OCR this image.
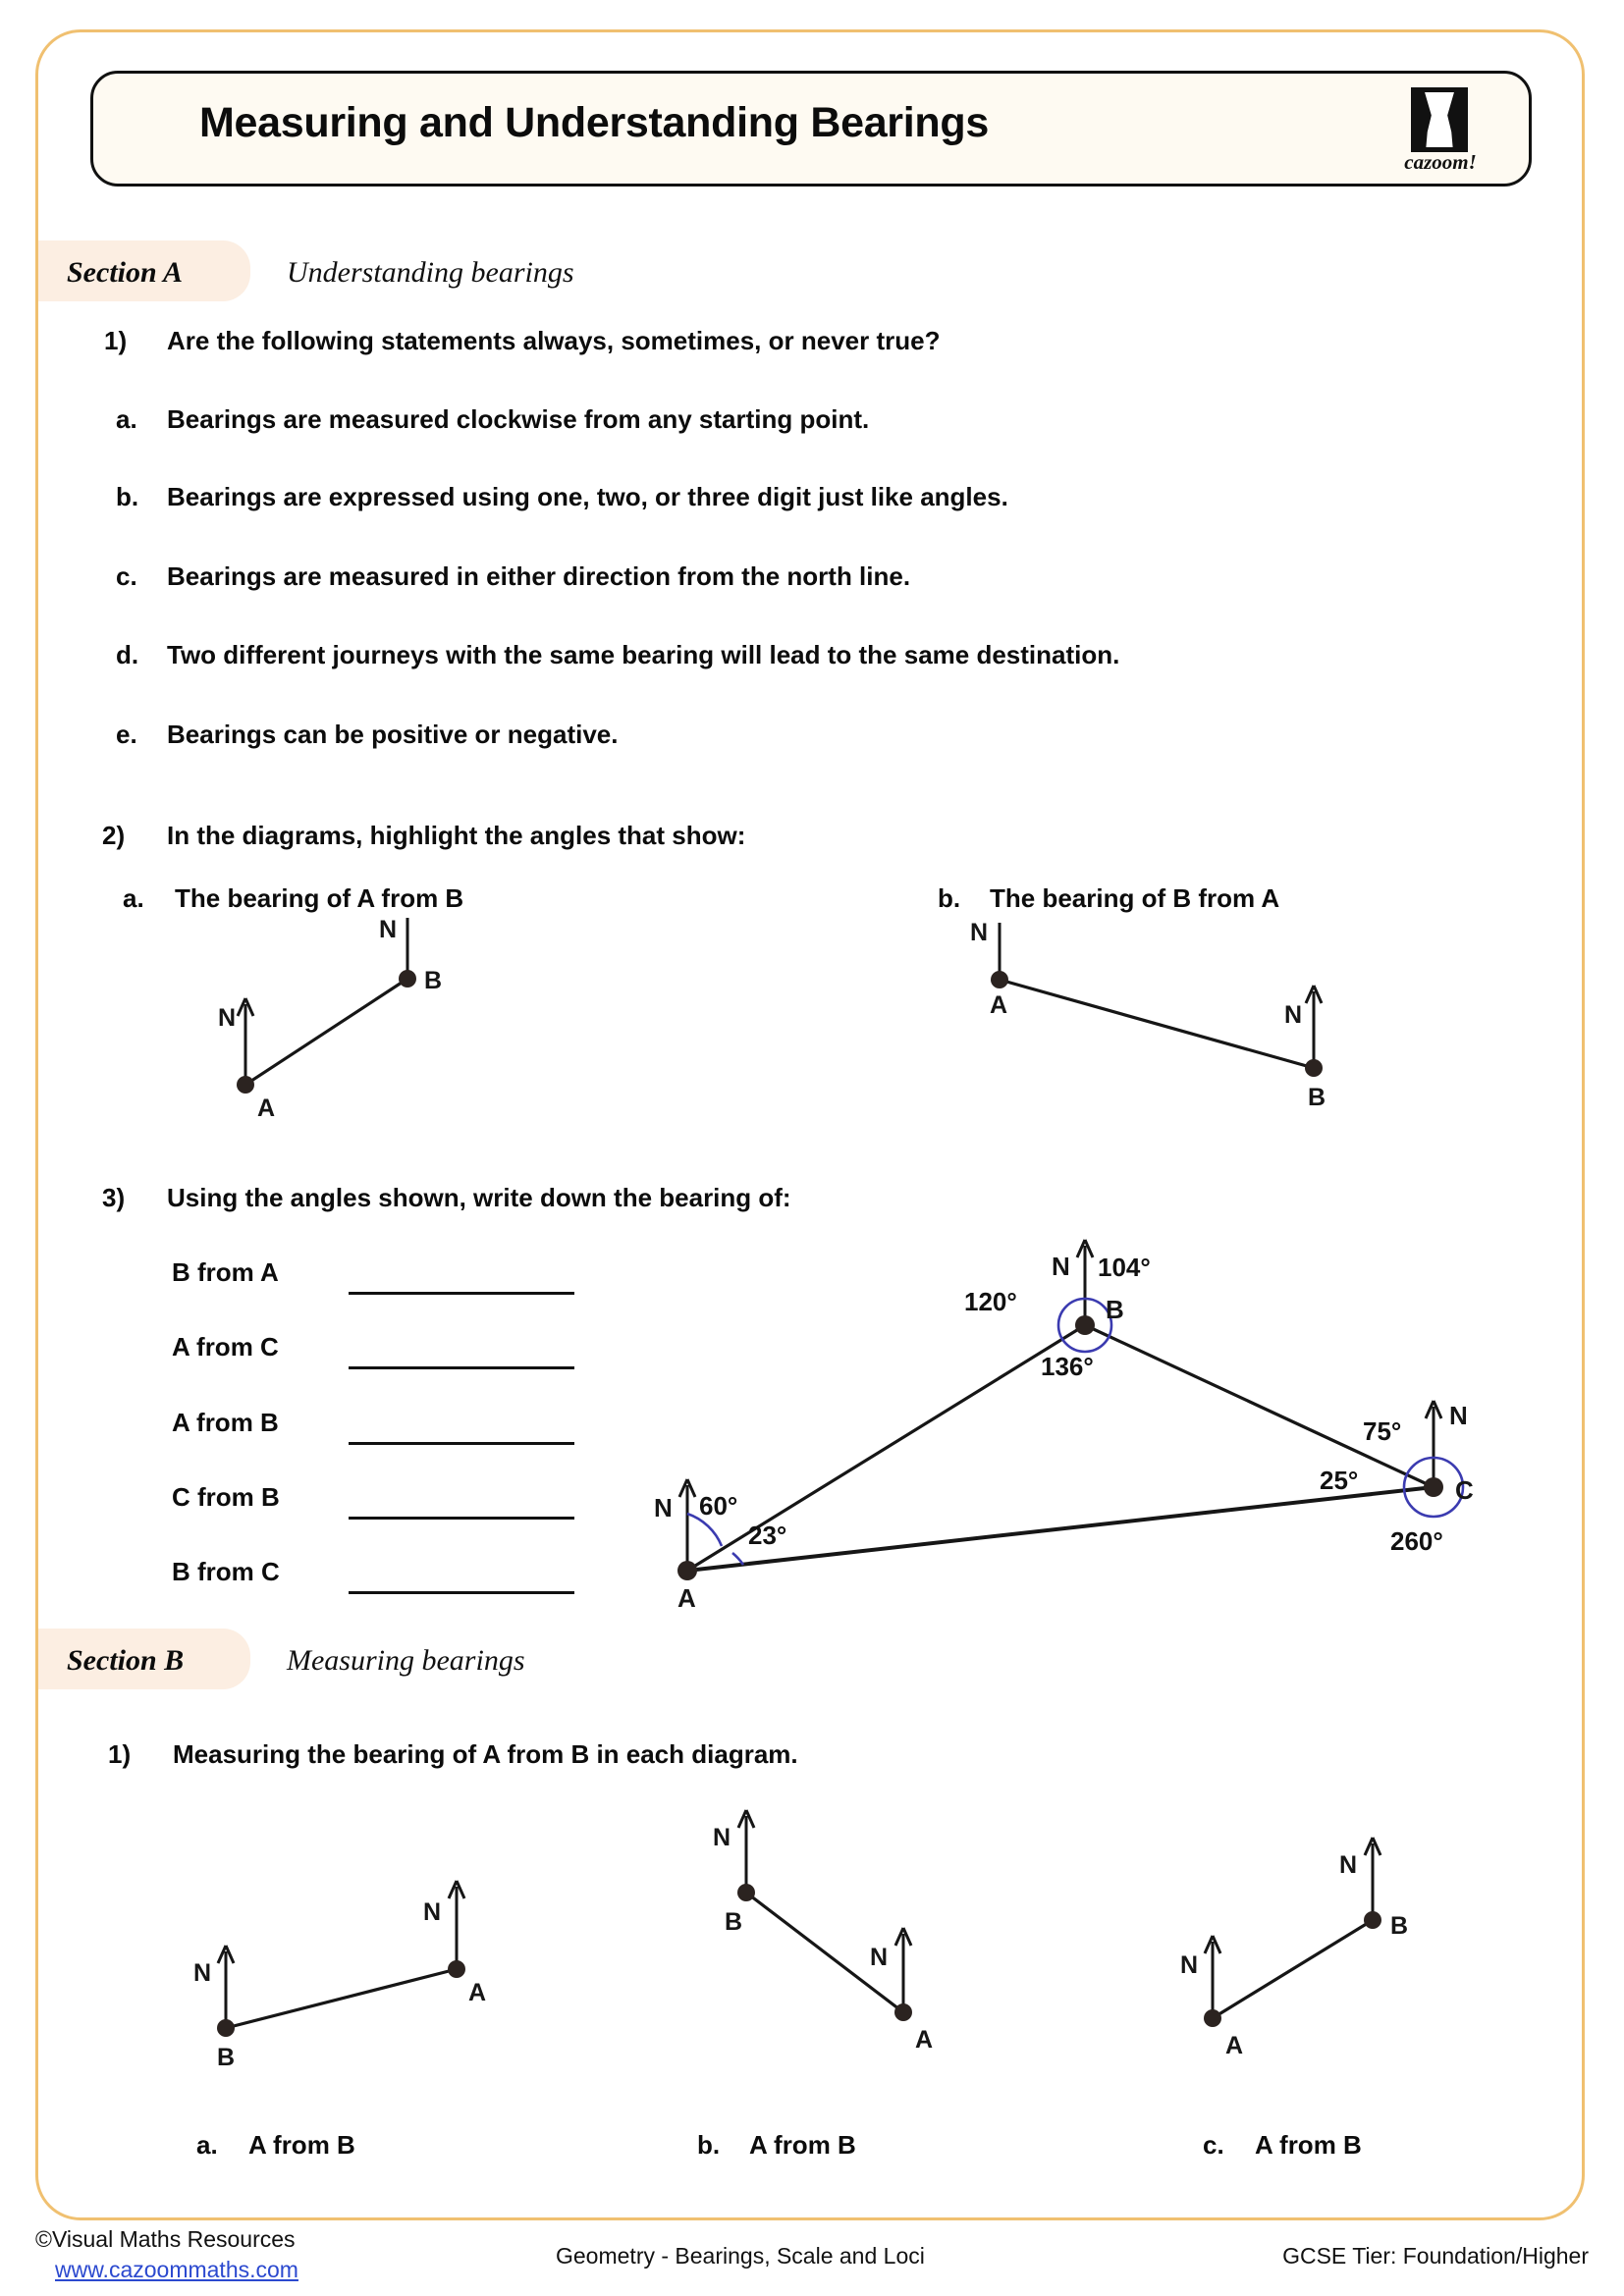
Measuring and Understanding Bearings
cazoom!
Section A	Understanding bearings
1) Are the following statements always, sometimes, or never true?
a. Bearings are measured clockwise from any starting point.
b. Bearings are expressed using one, two, or three digit just like angles.
c. Bearings are measured in either direction from the north line.
d. Two different journeys with the same bearing will lead to the same destination.
e. Bearings can be positive or negative.
2) In the diagrams, highlight the angles that show:
a. The bearing of A from B	b. The bearing of B from A
N
N
A
B
N
N
A
B
3) Using the angles shown, write down the bearing of:
B from A
A from C
A from B
C from B
B from C
N 60°
23°
A
N 104°
120°
136°
B
N
75°
25°
260°
C
Section B	Measuring bearings
1) Measuring the bearing of A from B in each diagram.
N
N
B
A
N
N
B
A
N
N
A
B
a. A from B	b. A from B	c. A from B
©Visual Maths Resources
www.cazoommaths.com
Geometry - Bearings, Scale and Loci	GCSE Tier: Foundation/Higher
